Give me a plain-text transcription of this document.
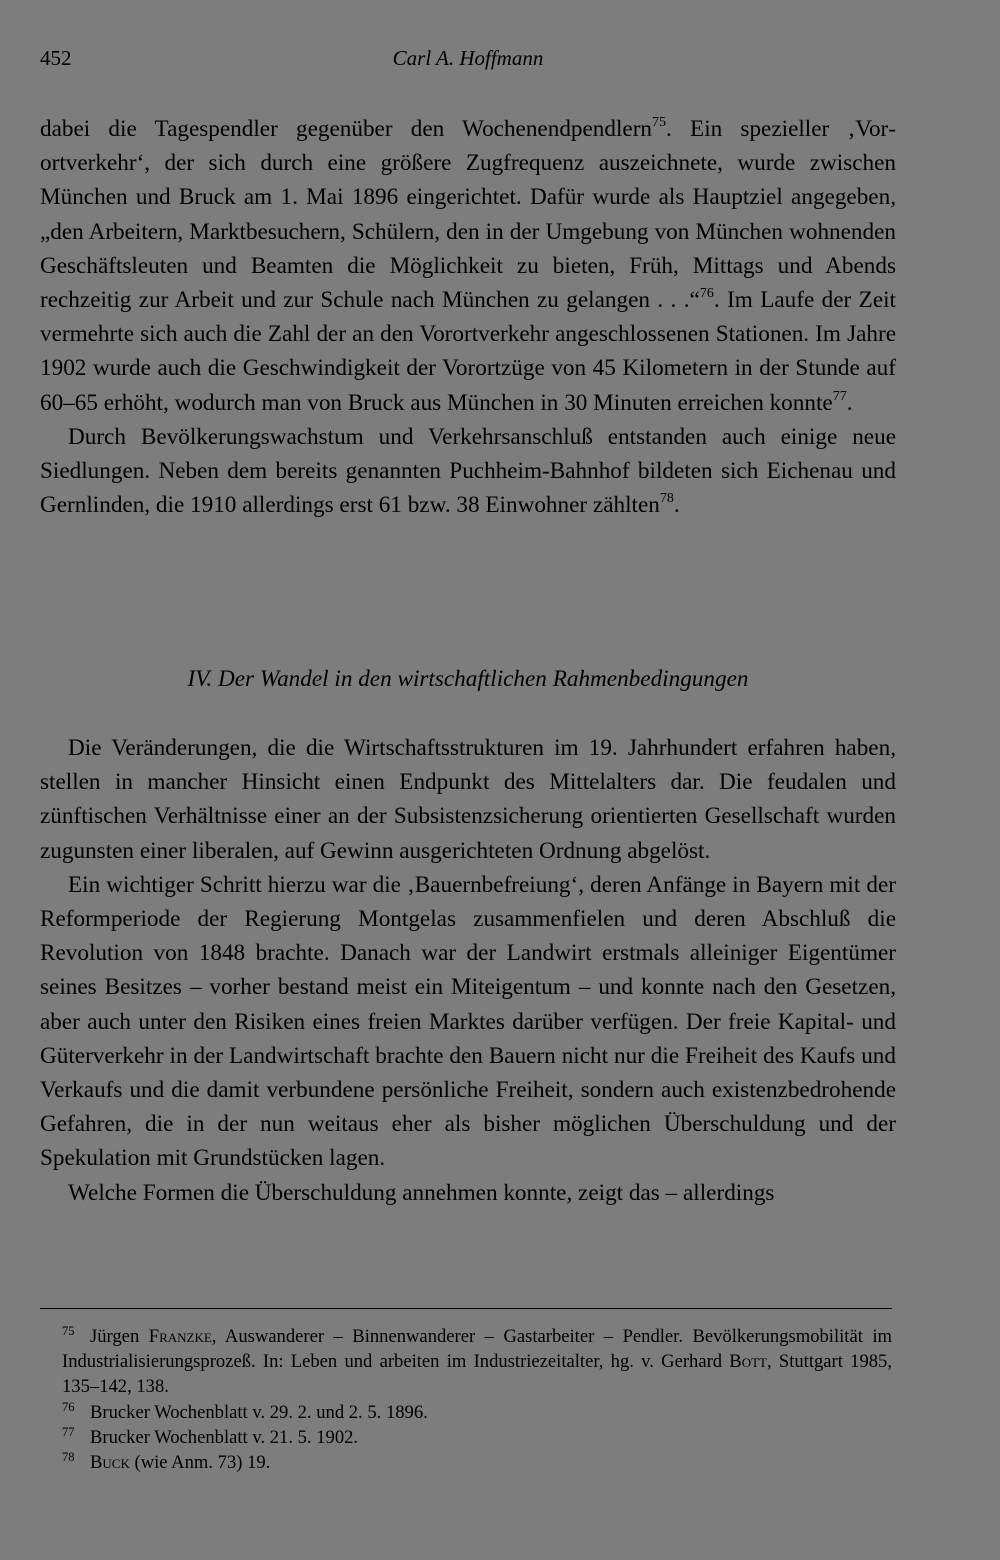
452	Carl A. Hoffmann

dabei die Tagespendler gegenüber den Wochenendpendlern$^{75}$. Ein spezieller ‚Vorortverkehr‘, der sich durch eine größere Zugfrequenz auszeichnete, wurde zwischen München und Bruck am 1. Mai 1896 eingerichtet. Dafür wurde als Hauptziel angegeben, „den Arbeitern, Marktbesuchern, Schülern, den in der Umgebung von München wohnenden Geschäftsleuten und Beamten die Möglichkeit zu bieten, Früh, Mittags und Abends rechzeitig zur Arbeit und zur Schule nach München zu gelangen . . .“$^{76}$. Im Laufe der Zeit vermehrte sich auch die Zahl der an den Vorortverkehr angeschlossenen Stationen. Im Jahre 1902 wurde auch die Geschwindigkeit der Vorortzüge von 45 Kilometern in der Stunde auf 60–65 erhöht, wodurch man von Bruck aus München in 30 Minuten erreichen konnte$^{77}$.

Durch Bevölkerungswachstum und Verkehrsanschluß entstanden auch einige neue Siedlungen. Neben dem bereits genannten Puchheim-Bahnhof bildeten sich Eichenau und Gernlinden, die 1910 allerdings erst 61 bzw. 38 Einwohner zählten$^{78}$.

IV. Der Wandel in den wirtschaftlichen Rahmenbedingungen

Die Veränderungen, die die Wirtschaftsstrukturen im 19. Jahrhundert erfahren haben, stellen in mancher Hinsicht einen Endpunkt des Mittelalters dar. Die feudalen und zünftischen Verhältnisse einer an der Subsistenzsicherung orientierten Gesellschaft wurden zugunsten einer liberalen, auf Gewinn ausgerichteten Ordnung abgelöst.

Ein wichtiger Schritt hierzu war die ‚Bauernbefreiung‘, deren Anfänge in Bayern mit der Reformperiode der Regierung Montgelas zusammenfielen und deren Abschluß die Revolution von 1848 brachte. Danach war der Landwirt erstmals alleiniger Eigentümer seines Besitzes – vorher bestand meist ein Miteigentum – und konnte nach den Gesetzen, aber auch unter den Risiken eines freien Marktes darüber verfügen. Der freie Kapital- und Güterverkehr in der Landwirtschaft brachte den Bauern nicht nur die Freiheit des Kaufs und Verkaufs und die damit verbundene persönliche Freiheit, sondern auch existenzbedrohende Gefahren, die in der nun weitaus eher als bisher möglichen Überschuldung und der Spekulation mit Grundstücken lagen.

Welche Formen die Überschuldung annehmen konnte, zeigt das – allerdings

75 Jürgen Franzke, Auswanderer – Binnenwanderer – Gastarbeiter – Pendler. Bevölkerungsmobilität im Industrialisierungsprozeß. In: Leben und arbeiten im Industriezeitalter, hg. v. Gerhard Bott, Stuttgart 1985, 135–142, 138.

76 Brucker Wochenblatt v. 29. 2. und 2. 5. 1896.

77 Brucker Wochenblatt v. 21. 5. 1902.

78 Buck (wie Anm. 73) 19.
